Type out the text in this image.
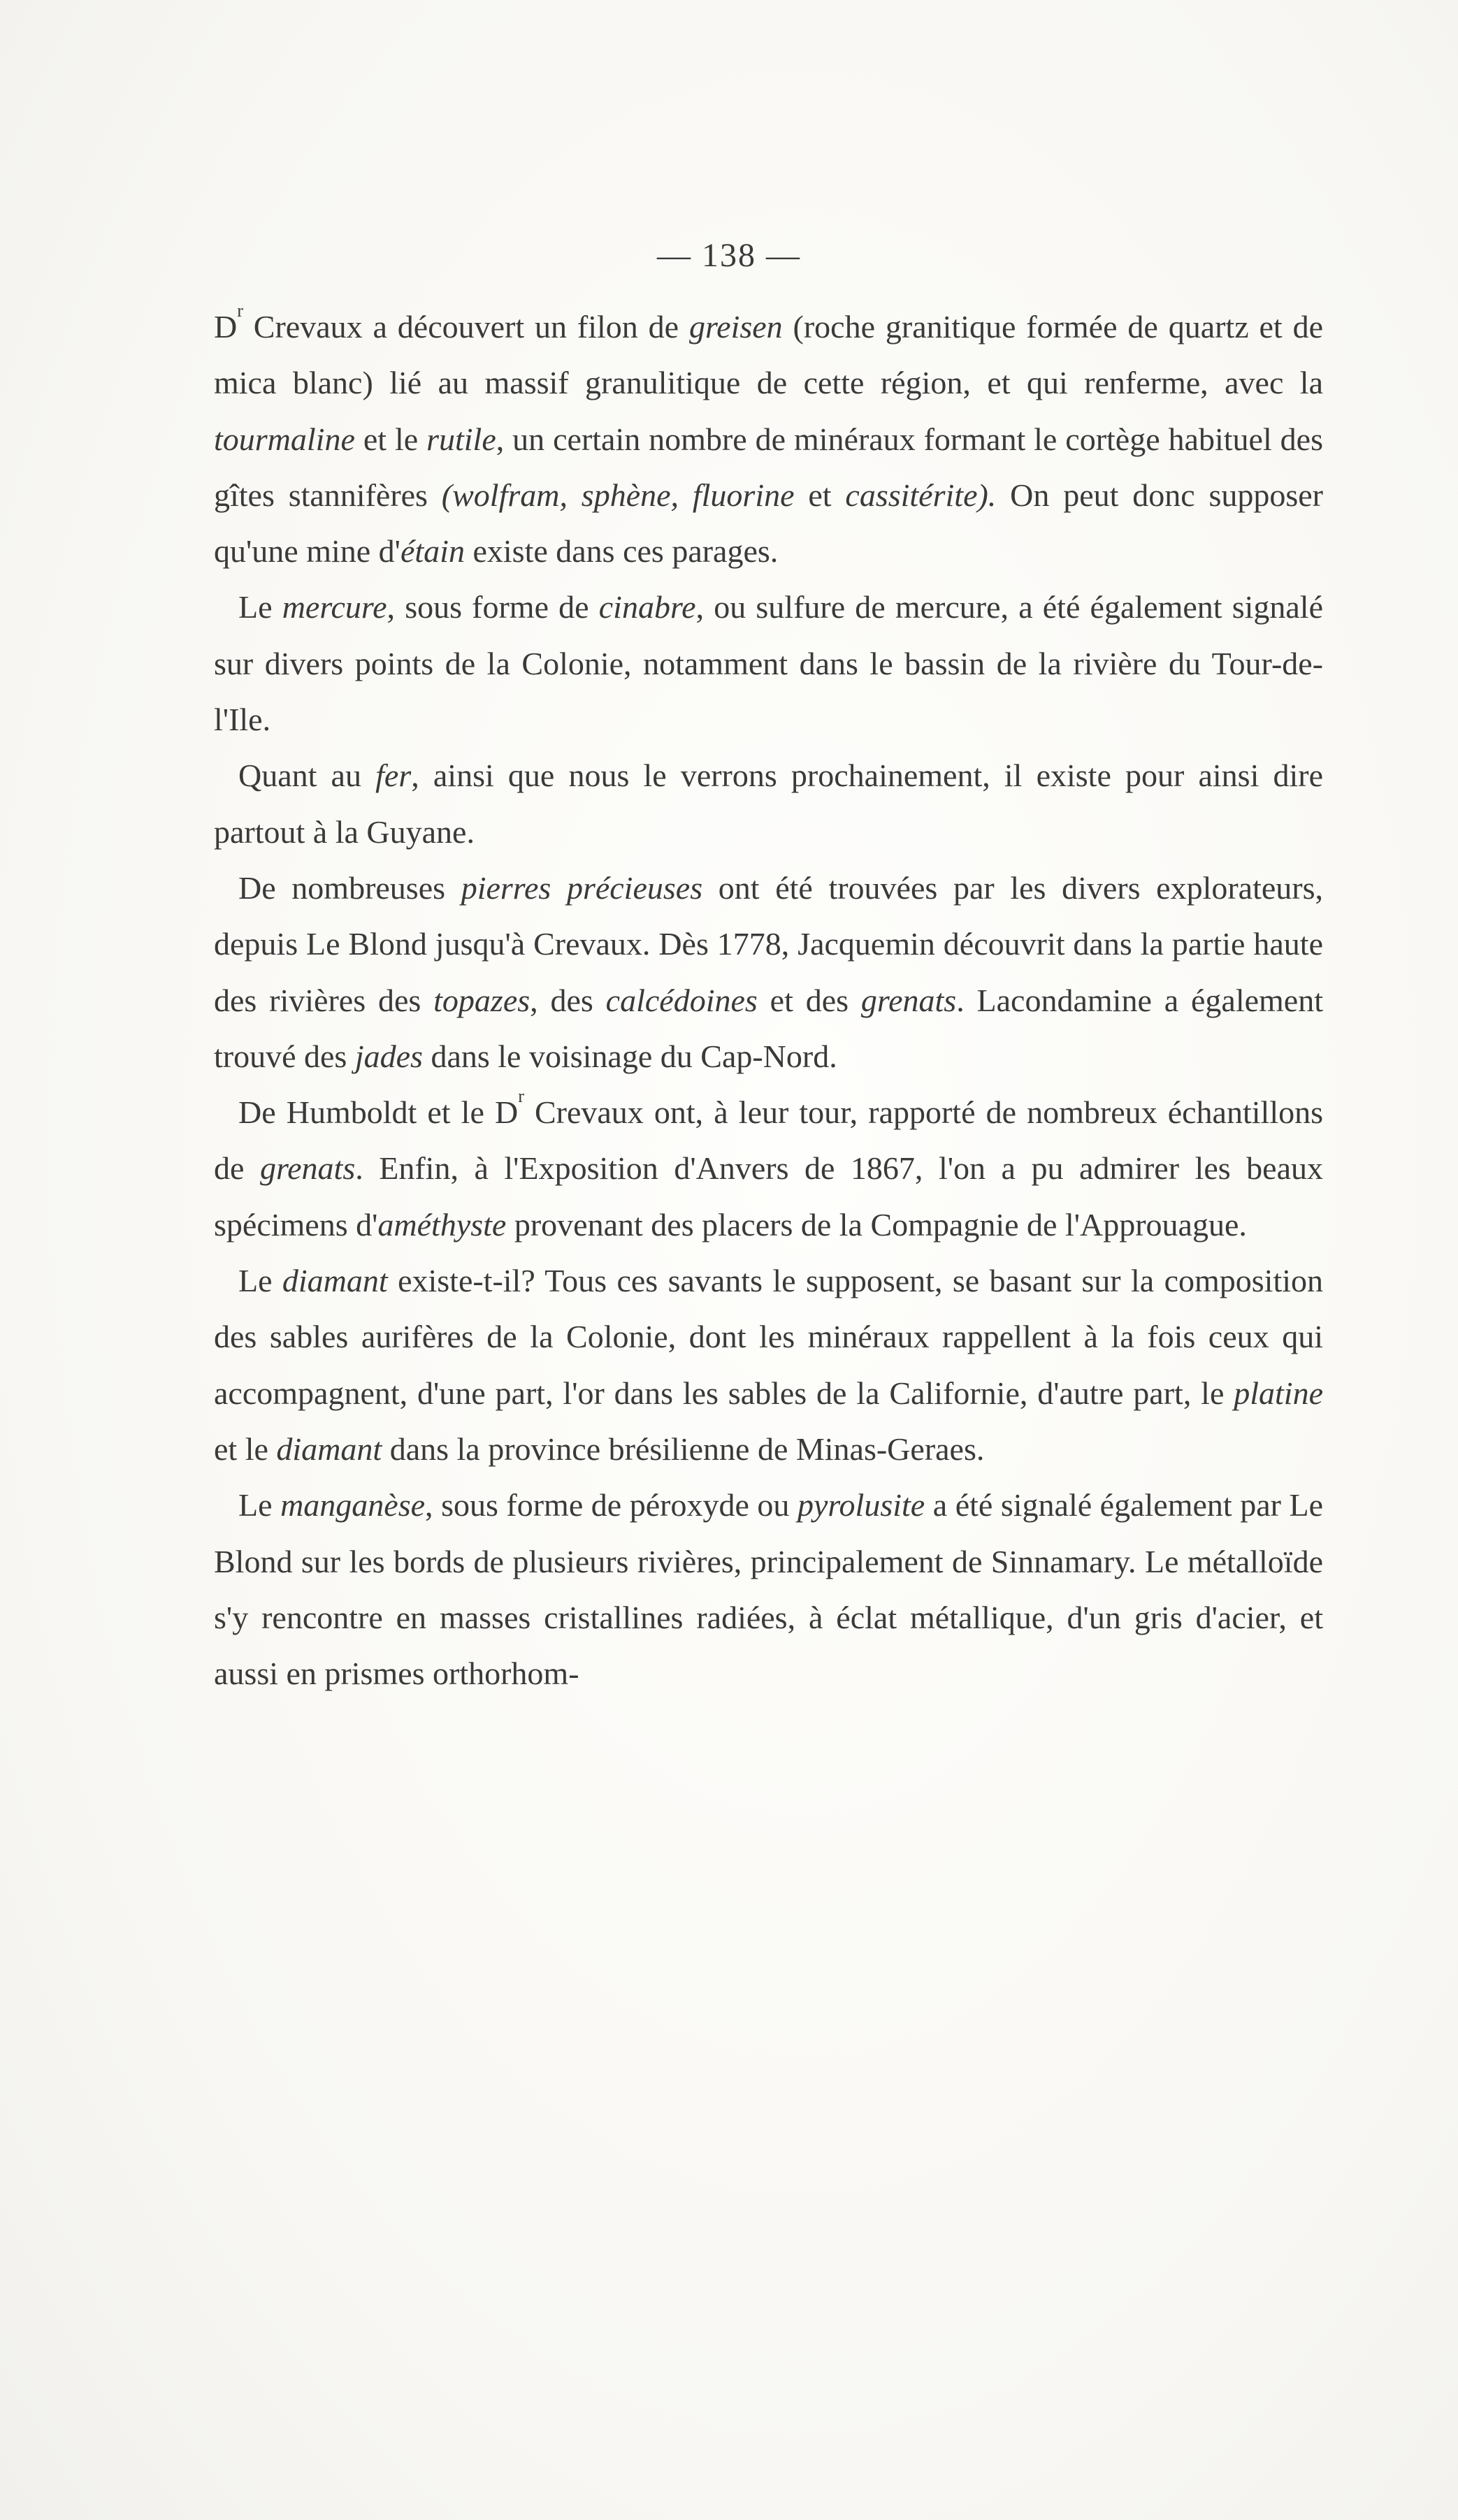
— 138 —

$D^r$ Crevaux a découvert un filon de greisen (roche granitique formée de quartz et de mica blanc) lié au massif granulitique de cette région, et qui renferme, avec la tourmaline et le rutile, un certain nombre de minéraux formant le cortège habituel des gîtes stannifères (wolfram, sphène, fluorine et cassitérite). On peut donc supposer qu'une mine d'étain existe dans ces parages.

Le mercure, sous forme de cinabre, ou sulfure de mercure, a été également signalé sur divers points de la Colonie, notamment dans le bassin de la rivière du Tour-de-l'Ile.

Quant au fer, ainsi que nous le verrons prochainement, il existe pour ainsi dire partout à la Guyane.

De nombreuses pierres précieuses ont été trouvées par les divers explorateurs, depuis Le Blond jusqu'à Crevaux. Dès 1778, Jacquemin découvrit dans la partie haute des rivières des topazes, des calcédoines et des grenats. Lacondamine a également trouvé des jades dans le voisinage du Cap-Nord.

De Humboldt et le $D^r$ Crevaux ont, à leur tour, rapporté de nombreux échantillons de grenats. Enfin, à l'Exposition d'Anvers de 1867, l'on a pu admirer les beaux spécimens d'améthyste provenant des placers de la Compagnie de l'Approuague.

Le diamant existe-t-il? Tous ces savants le supposent, se basant sur la composition des sables aurifères de la Colonie, dont les minéraux rappellent à la fois ceux qui accompagnent, d'une part, l'or dans les sables de la Californie, d'autre part, le platine et le diamant dans la province brésilienne de Minas-Geraes.

Le manganèse, sous forme de péroxyde ou pyrolusite a été signalé également par Le Blond sur les bords de plusieurs rivières, principalement de Sinnamary. Le métalloïde s'y rencontre en masses cristallines radiées, à éclat métallique, d'un gris d'acier, et aussi en prismes orthorhom-
